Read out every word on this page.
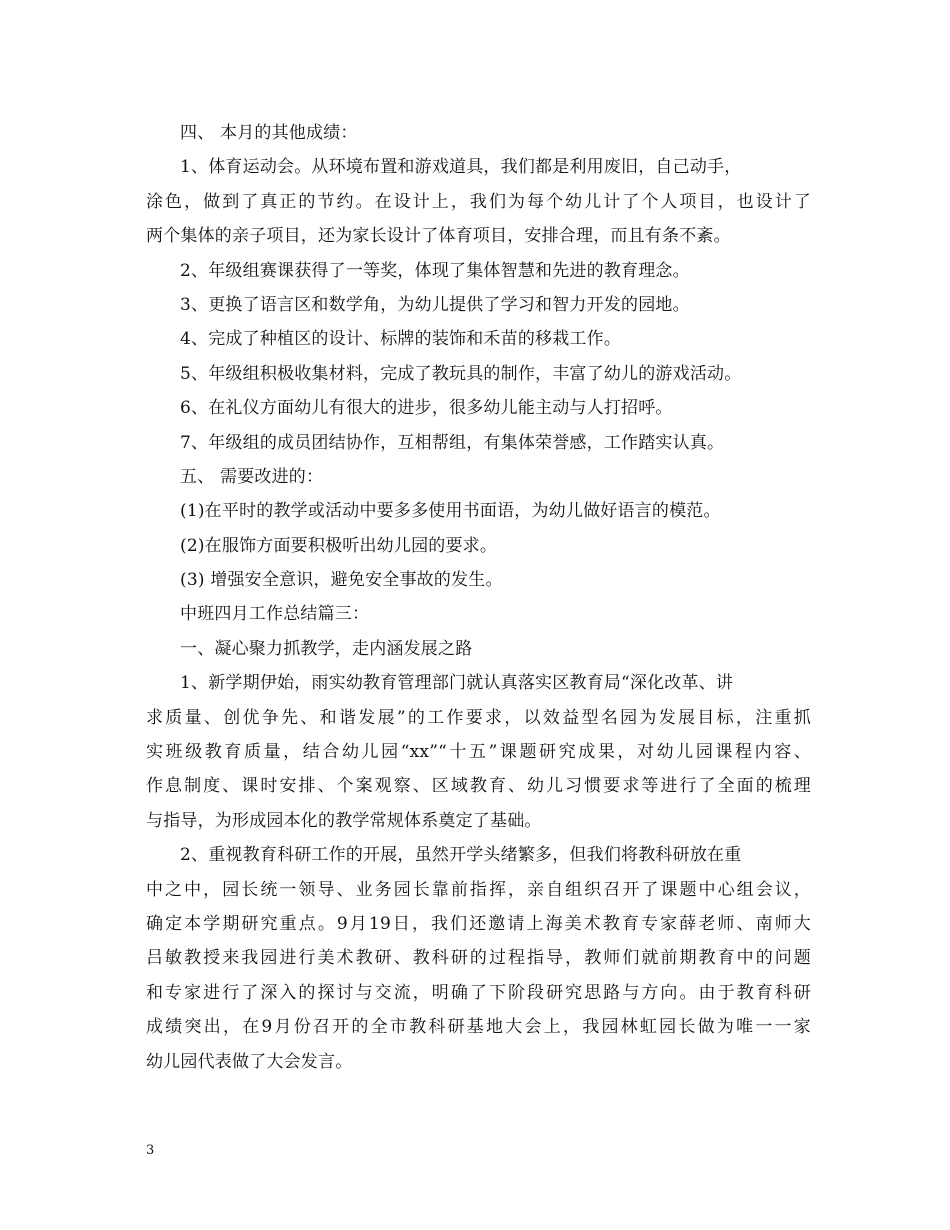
四、 本月的其他成绩：
1、体育运动会。从环境布置和游戏道具，我们都是利用废旧，自己动手，
涂色，做到了真正的节约。在设计上，我们为每个幼儿计了个人项目，也设计了
两个集体的亲子项目，还为家长设计了体育项目，安排合理，而且有条不紊。
2、年级组赛课获得了一等奖，体现了集体智慧和先进的教育理念。
3、更换了语言区和数学角，为幼儿提供了学习和智力开发的园地。
4、完成了种植区的设计、标牌的装饰和禾苗的移栽工作。
5、年级组积极收集材料，完成了教玩具的制作，丰富了幼儿的游戏活动。
6、在礼仪方面幼儿有很大的进步，很多幼儿能主动与人打招呼。
7、年级组的成员团结协作，互相帮组，有集体荣誉感，工作踏实认真。
五、 需要改进的：
(1)在平时的教学或活动中要多多使用书面语，为幼儿做好语言的模范。
(2)在服饰方面要积极听出幼儿园的要求。
(3) 增强安全意识，避免安全事故的发生。
中班四月工作总结篇三：
一、凝心聚力抓教学，走内涵发展之路
1、新学期伊始，雨实幼教育管理部门就认真落实区教育局“深化改革、讲
求质量、创优争先、和谐发展”的工作要求，以效益型名园为发展目标，注重抓
实班级教育质量，结合幼儿园“xx”“十五”课题研究成果，对幼儿园课程内容、
作息制度、课时安排、个案观察、区域教育、幼儿习惯要求等进行了全面的梳理
与指导，为形成园本化的教学常规体系奠定了基础。
2、重视教育科研工作的开展，虽然开学头绪繁多，但我们将教科研放在重
中之中，园长统一领导、业务园长靠前指挥，亲自组织召开了课题中心组会议，
确定本学期研究重点。9月19日，我们还邀请上海美术教育专家薛老师、南师大
吕敏教授来我园进行美术教研、教科研的过程指导，教师们就前期教育中的问题
和专家进行了深入的探讨与交流，明确了下阶段研究思路与方向。由于教育科研
成绩突出，在9月份召开的全市教科研基地大会上，我园林虹园长做为唯一一家
幼儿园代表做了大会发言。
3
